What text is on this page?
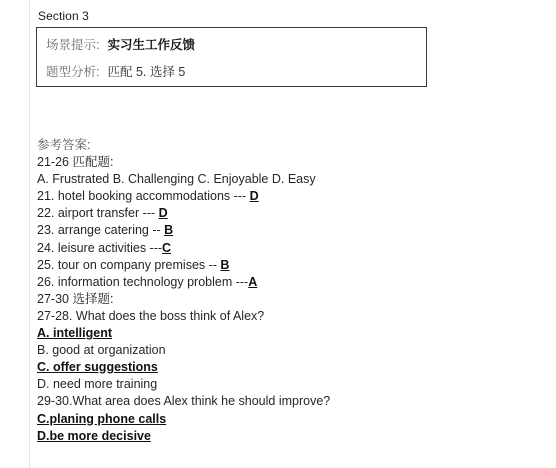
Section 3
场景提示: 实习生工作反馈
题型分析: 匹配 5. 选择 5
参考答案:
21-26 匹配题:
A. Frustrated B. Challenging C. Enjoyable D. Easy
21. hotel booking accommodations --- D
22. airport transfer --- D
23. arrange catering -- B
24. leisure activities ---C
25. tour on company premises -- B
26. information technology problem ---A
27-30 选择题:
27-28. What does the boss think of Alex?
A. intelligent
B. good at organization
C. offer suggestions
D. need more training
29-30.What area does Alex think he should improve?
C.planing phone calls
D.be more decisive
